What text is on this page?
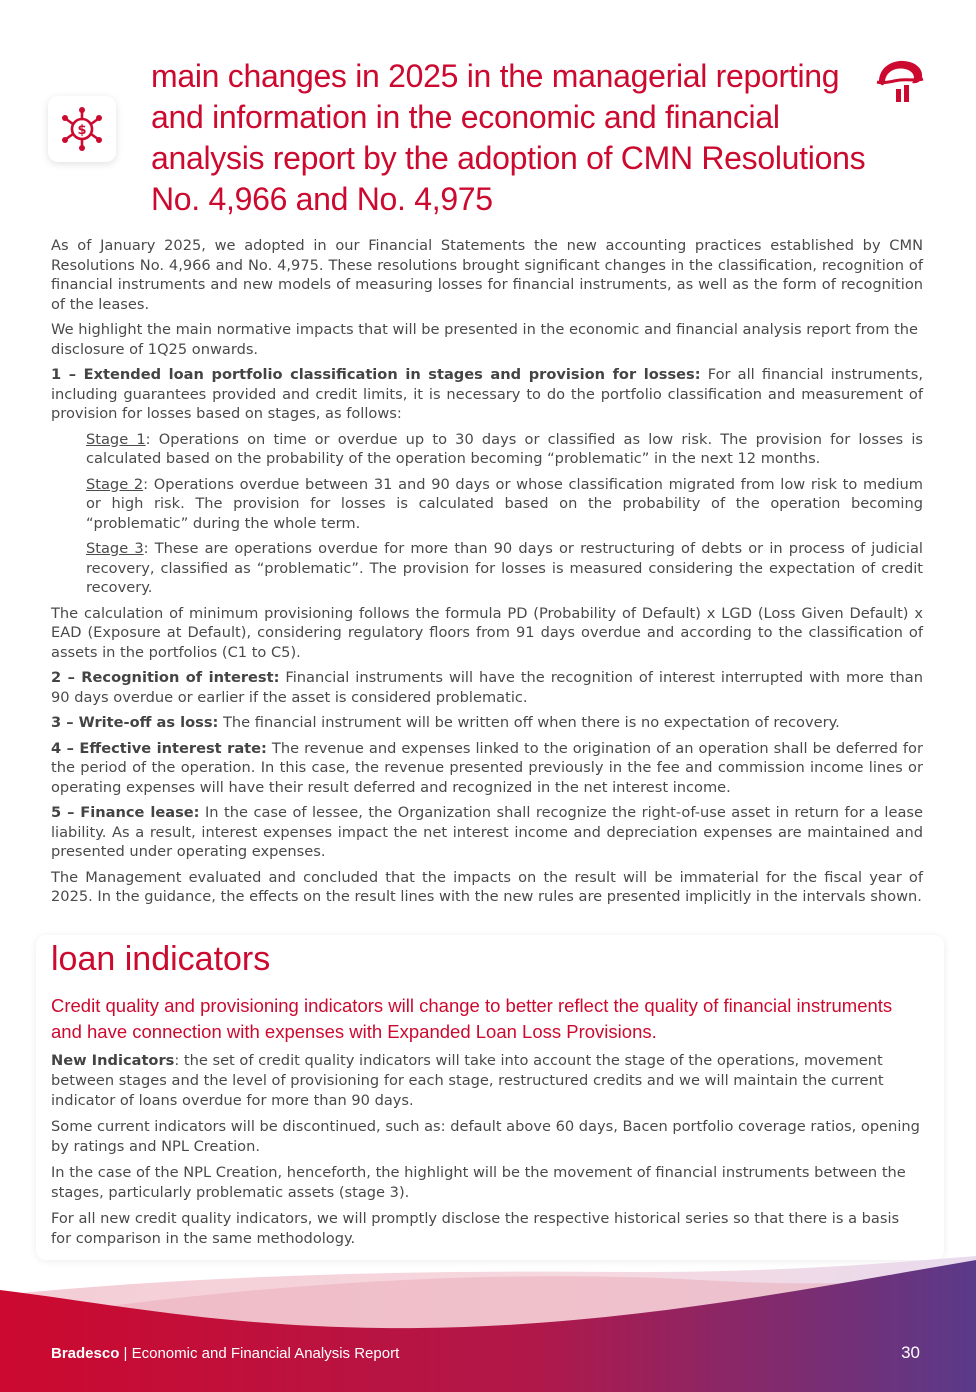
$
main changes in 2025 in the managerial reporting and information in the economic and financial analysis report by the adoption of CMN Resolutions No. 4,966 and No. 4,975

As of January 2025, we adopted in our Financial Statements the new accounting practices established by CMN Resolutions No. 4,966 and No. 4,975. These resolutions brought significant changes in the classification, recognition of financial instruments and new models of measuring losses for financial instruments, as well as the form of recognition of the leases.

We highlight the main normative impacts that will be presented in the economic and financial analysis report from the disclosure of 1Q25 onwards.

1 – Extended loan portfolio classification in stages and provision for losses: For all financial instruments, including guarantees provided and credit limits, it is necessary to do the portfolio classification and measurement of provision for losses based on stages, as follows:

Stage 1: Operations on time or overdue up to 30 days or classified as low risk. The provision for losses is calculated based on the probability of the operation becoming “problematic” in the next 12 months.

Stage 2: Operations overdue between 31 and 90 days or whose classification migrated from low risk to medium or high risk. The provision for losses is calculated based on the probability of the operation becoming “problematic” during the whole term.

Stage 3: These are operations overdue for more than 90 days or restructuring of debts or in process of judicial recovery, classified as “problematic”. The provision for losses is measured considering the expectation of credit recovery.

The calculation of minimum provisioning follows the formula PD (Probability of Default) x LGD (Loss Given Default) x EAD (Exposure at Default), considering regulatory floors from 91 days overdue and according to the classification of assets in the portfolios (C1 to C5).

2 – Recognition of interest: Financial instruments will have the recognition of interest interrupted with more than 90 days overdue or earlier if the asset is considered problematic.

3 – Write-off as loss: The financial instrument will be written off when there is no expectation of recovery.

4 – Effective interest rate: The revenue and expenses linked to the origination of an operation shall be deferred for the period of the operation. In this case, the revenue presented previously in the fee and commission income lines or operating expenses will have their result deferred and recognized in the net interest income.

5 – Finance lease: In the case of lessee, the Organization shall recognize the right-of-use asset in return for a lease liability. As a result, interest expenses impact the net interest income and depreciation expenses are maintained and presented under operating expenses.

The Management evaluated and concluded that the impacts on the result will be immaterial for the fiscal year of 2025. In the guidance, the effects on the result lines with the new rules are presented implicitly in the intervals shown.

loan indicators

Credit quality and provisioning indicators will change to better reflect the quality of financial instruments and have connection with expenses with Expanded Loan Loss Provisions.

New Indicators: the set of credit quality indicators will take into account the stage of the operations, movement between stages and the level of provisioning for each stage, restructured credits and we will maintain the current indicator of loans overdue for more than 90 days.

Some current indicators will be discontinued, such as: default above 60 days, Bacen portfolio coverage ratios, opening by ratings and NPL Creation.

In the case of the NPL Creation, henceforth, the highlight will be the movement of financial instruments between the stages, particularly problematic assets (stage 3).

For all new credit quality indicators, we will promptly disclose the respective historical series so that there is a basis for comparison in the same methodology.

Bradesco | Economic and Financial Analysis Report	30
